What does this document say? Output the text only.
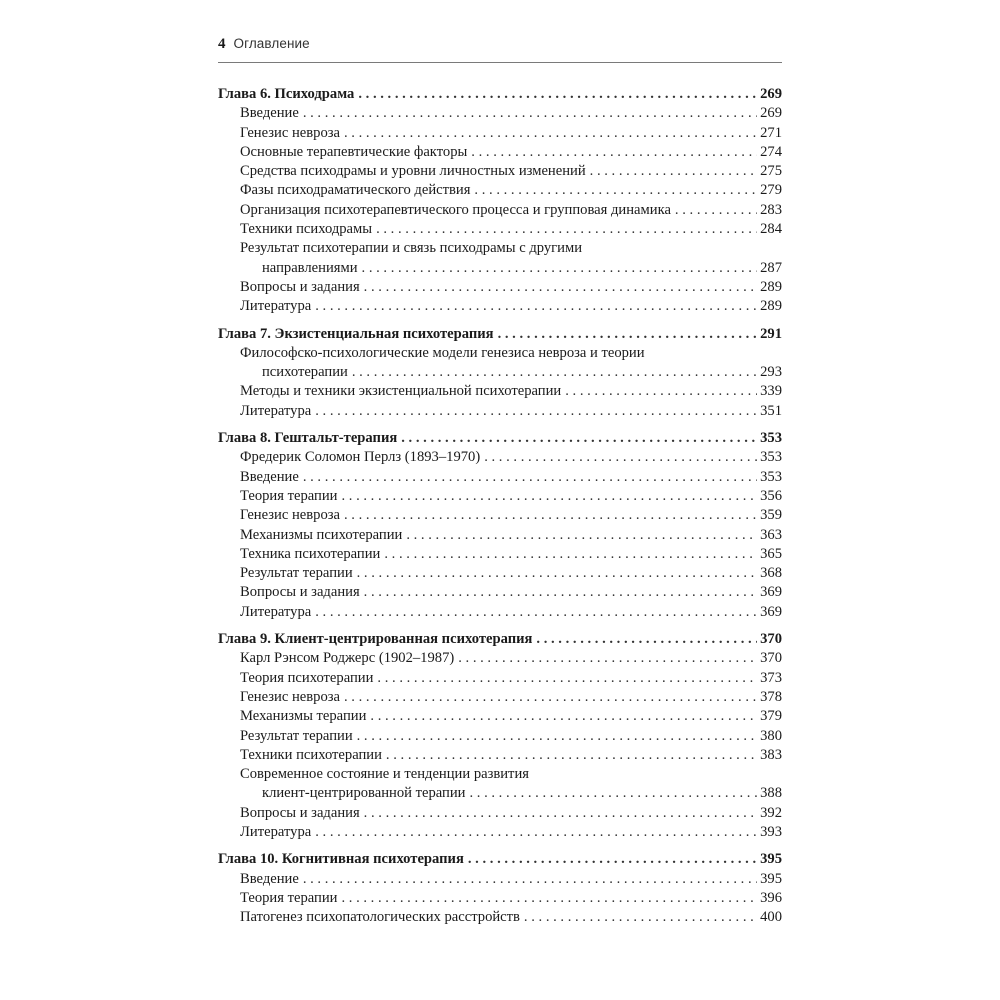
4 Оглавление
Глава 6. Психодрама . . .	269
Введение . . .	269
Генезис невроза . . .	271
Основные терапевтические факторы . . .	274
Средства психодрамы и уровни личностных изменений . . .	275
Фазы психодраматического действия . . .	279
Организация психотерапевтического процесса и групповая динамика . . .	283
Техники психодрамы . . .	284
Результат психотерапии и связь психодрамы с другими
направлениями . . .	287
Вопросы и задания . . .	289
Литература . . .	289
Глава 7. Экзистенциальная психотерапия . . .	291
Философско-психологические модели генезиса невроза и теории
психотерапии . . .	293
Методы и техники экзистенциальной психотерапии . . .	339
Литература . . .	351
Глава 8. Гештальт-терапия . . .	353
Фредерик Соломон Перлз (1893–1970) . . .	353
Введение . . .	353
Теория терапии . . .	356
Генезис невроза . . .	359
Механизмы психотерапии . . .	363
Техника психотерапии . . .	365
Результат терапии . . .	368
Вопросы и задания . . .	369
Литература . . .	369
Глава 9. Клиент-центрированная психотерапия . . .	370
Карл Рэнсом Роджерс (1902–1987) . . .	370
Теория психотерапии . . .	373
Генезис невроза . . .	378
Механизмы терапии . . .	379
Результат терапии . . .	380
Техники психотерапии . . .	383
Современное состояние и тенденции развития
клиент-центрированной терапии . . .	388
Вопросы и задания . . .	392
Литература . . .	393
Глава 10. Когнитивная психотерапия . . .	395
Введение . . .	395
Теория терапии . . .	396
Патогенез психопатологических расстройств . . .	400
